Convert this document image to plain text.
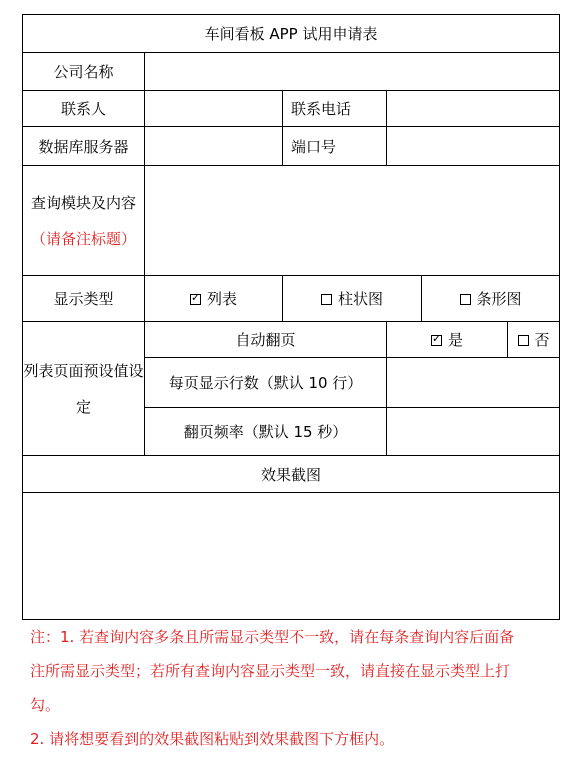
车间看板 APP 试用申请表					
公司名称					
联系人		联系电话			
数据库服务器		端口号			
查询模块及内容（请备注标题）					
显示类型	✓列表	柱状图		条形图	
列表页面预设值设定	自动翻页	✓是		否
	每页显示行数（默认 10 行）				
	翻页频率（默认 15 秒）				
效果截图					

注：1. 若查询内容多条且所需显示类型不一致，请在每条查询内容后面备注所需显示类型；若所有查询内容显示类型一致，请直接在显示类型上打勾。

2. 请将想要看到的效果截图粘贴到效果截图下方框内。
